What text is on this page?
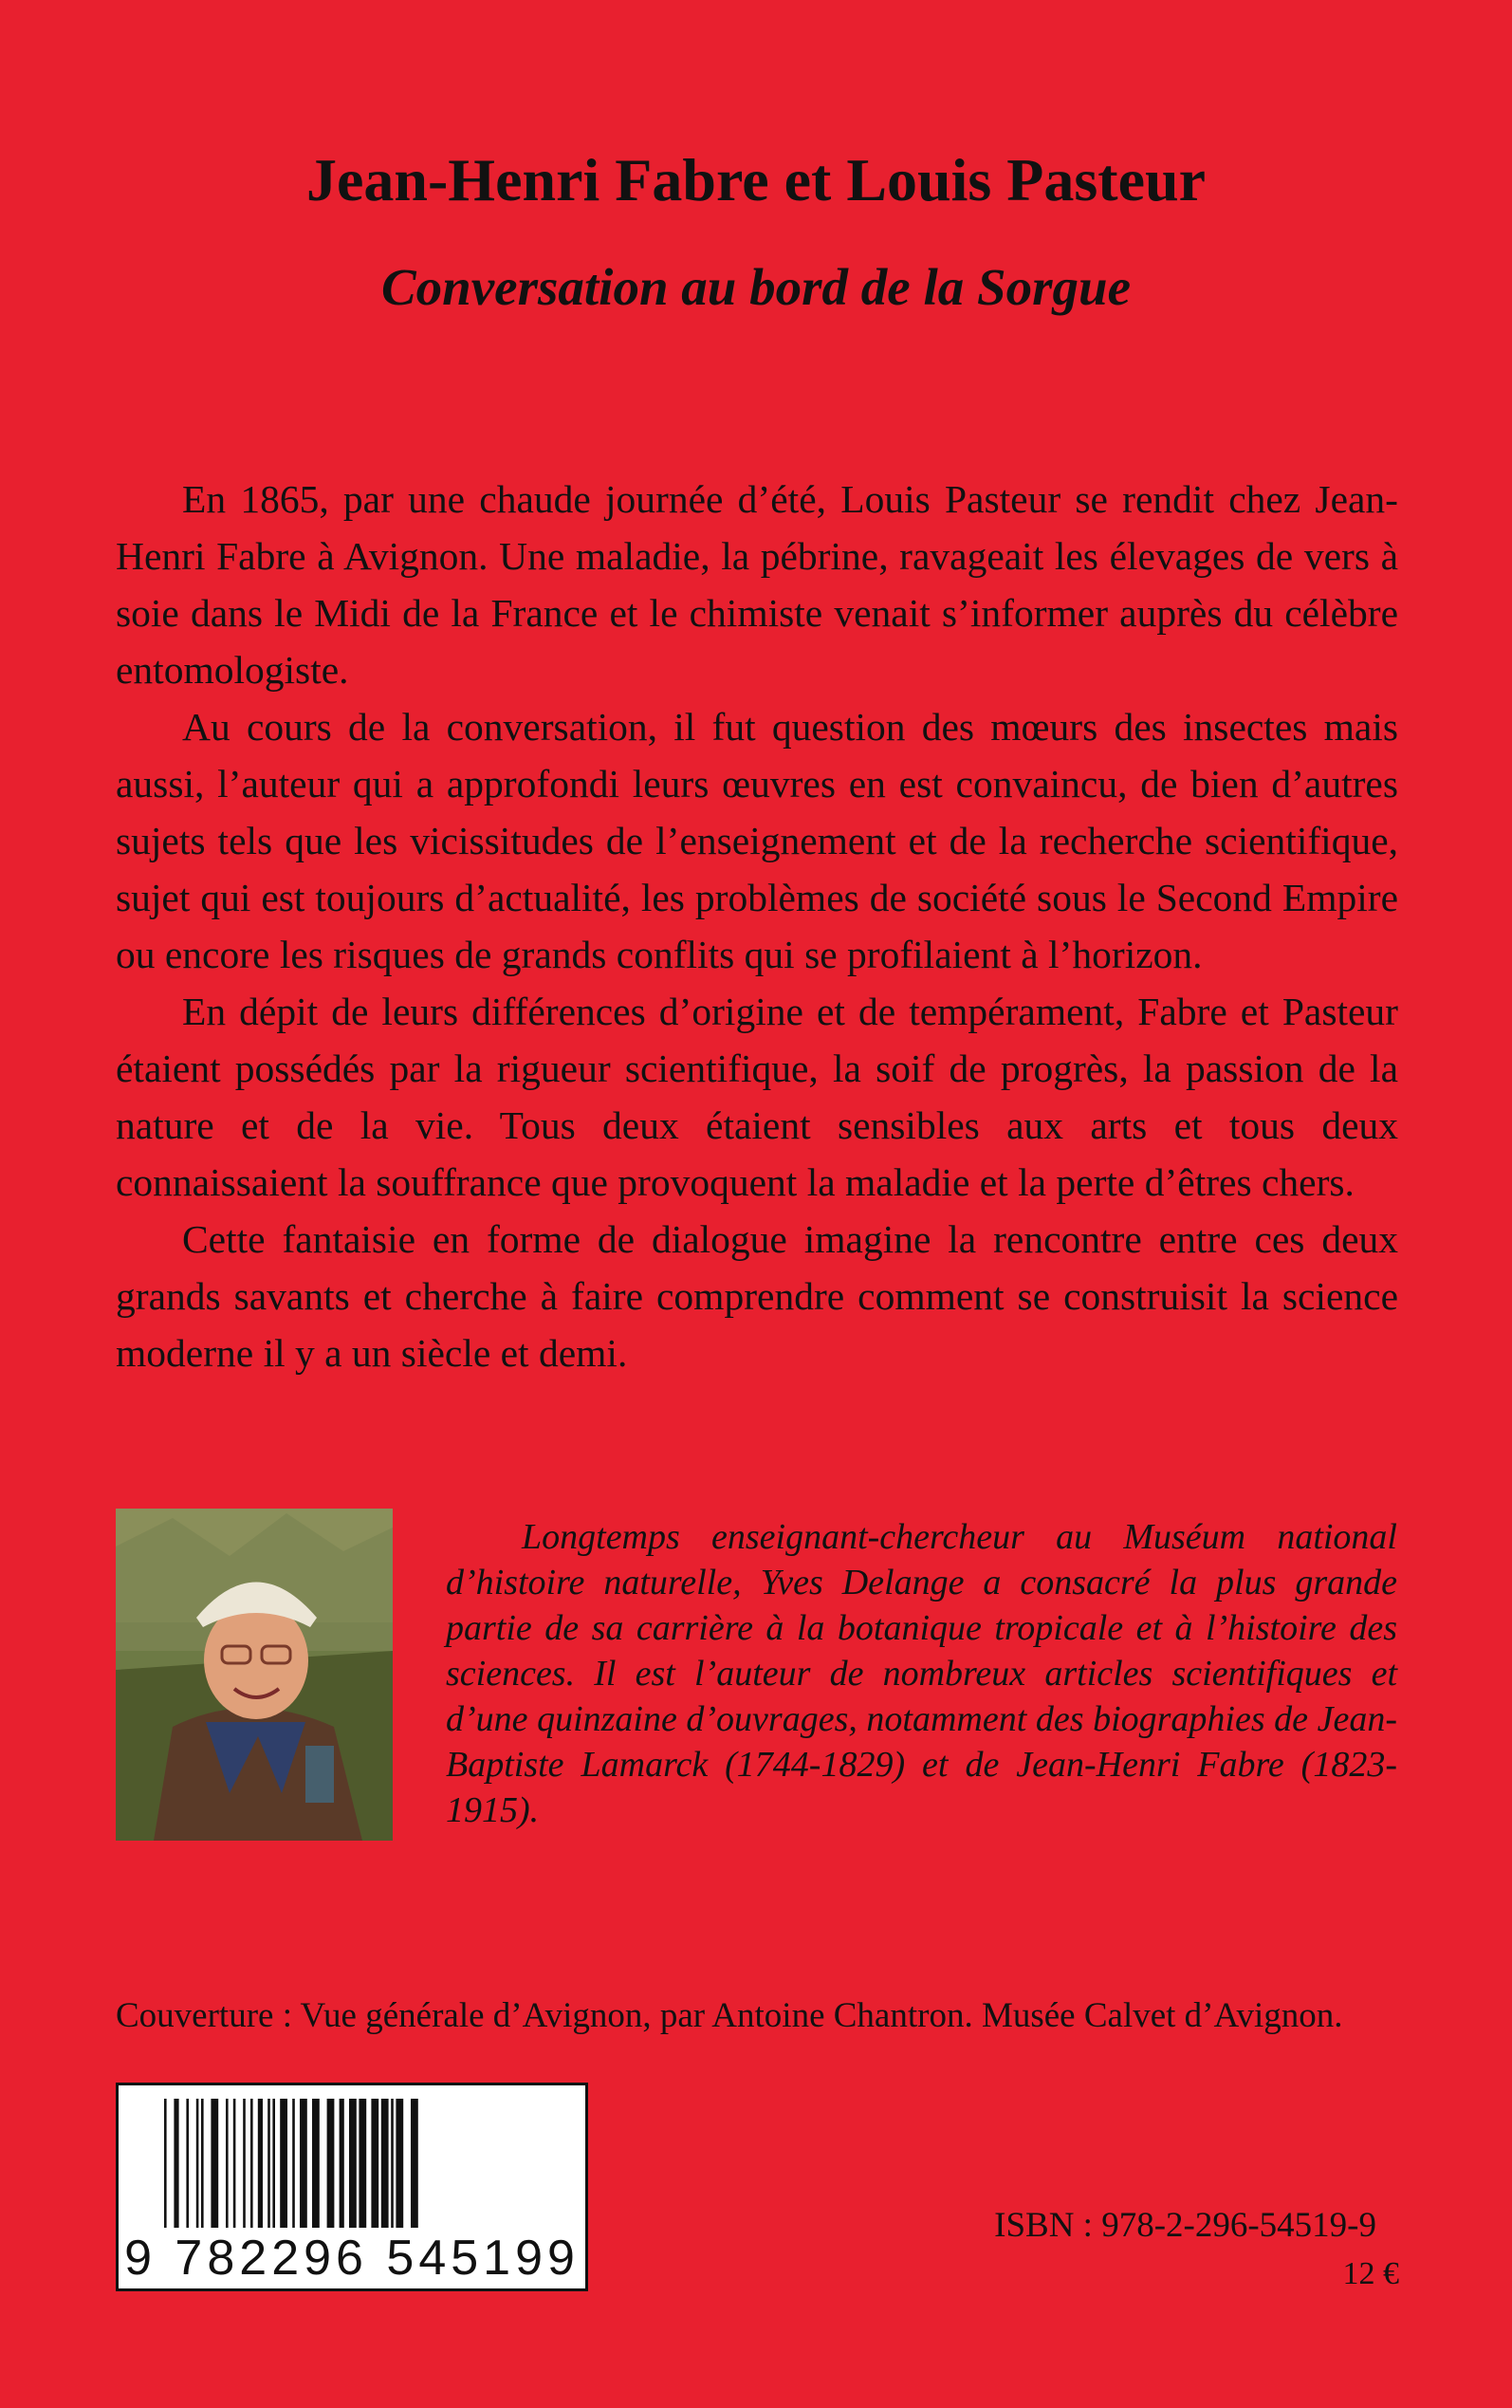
Jean-Henri Fabre et Louis Pasteur
Conversation au bord de la Sorgue

En 1865, par une chaude journée d’été, Louis Pasteur se rendit chez Jean-Henri Fabre à Avignon. Une maladie, la pébrine, ravageait les élevages de vers à soie dans le Midi de la France et le chimiste venait s’informer auprès du célèbre entomologiste.

Au cours de la conversation, il fut question des mœurs des insectes mais aussi, l’auteur qui a approfondi leurs œuvres en est convaincu, de bien d’autres sujets tels que les vicissitudes de l’enseignement et de la recherche scientifique, sujet qui est toujours d’actualité, les problèmes de société sous le Second Empire ou encore les risques de grands conflits qui se profilaient à l’horizon.

En dépit de leurs différences d’origine et de tempérament, Fabre et Pasteur étaient possédés par la rigueur scientifique, la soif de progrès, la passion de la nature et de la vie. Tous deux étaient sensibles aux arts et tous deux connaissaient la souffrance que provoquent la maladie et la perte d’êtres chers.

Cette fantaisie en forme de dialogue imagine la rencontre entre ces deux grands savants et cherche à faire comprendre comment se construisit la science moderne il y a un siècle et demi.

Longtemps enseignant-chercheur au Muséum national d’histoire naturelle, Yves Delange a consacré la plus grande partie de sa carrière à la botanique tropicale et à l’histoire des sciences. Il est l’auteur de nombreux articles scientifiques et d’une quinzaine d’ouvrages, notamment des biographies de Jean-Baptiste Lamarck (1744-1829) et de Jean-Henri Fabre (1823-1915).

Couverture : Vue générale d’Avignon, par Antoine Chantron. Musée Calvet d’Avignon.

9 782296 545199

ISBN : 978-2-296-54519-9

12 €
